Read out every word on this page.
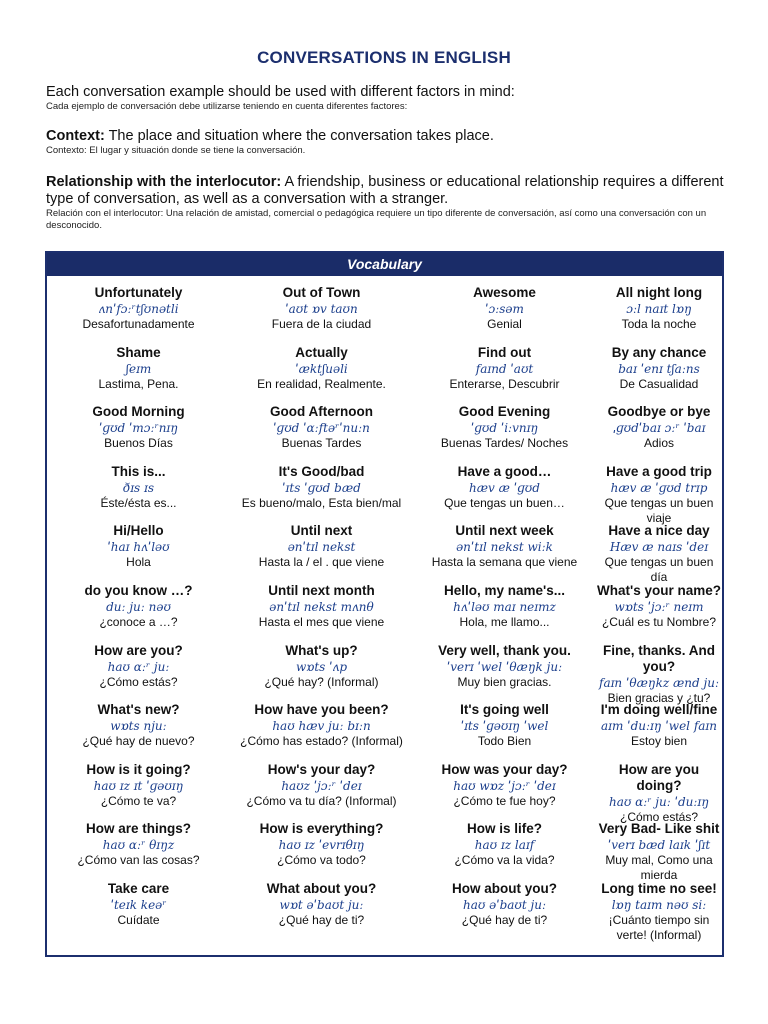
CONVERSATIONS IN ENGLISH
Each conversation example should be used with different factors in mind:
Cada ejemplo de conversación debe utilizarse teniendo en cuenta diferentes factores:
Context: The place and situation where the conversation takes place.
Contexto: El lugar y situación donde se tiene la conversación.
Relationship with the interlocutor: A friendship, business or educational relationship requires a different type of conversation, as well as a conversation with a stranger.
Relación con el interlocutor: Una relación de amistad, comercial o pedagógica requiere un tipo diferente de conversación, así como una conversación con un desconocido.
Vocabulary
Unfortunately
ʌnˈfɔːʳtʃʊnətli
Desafortunadamente
Out of Town
ˈaʊt ɒv taʊn
Fuera de la ciudad
Awesome
ˈɔːsəm
Genial
All night long
ɔːl naɪt lɒŋ
Toda la noche
Shame
ʃeɪm
Lastima, Pena.
Actually
ˈæktʃuəli
En realidad, Realmente.
Find out
faɪnd ˈaʊt
Enterarse, Descubrir
By any chance
baɪ ˈenɪ tʃaːns
De Casualidad
Good Morning
ˈɡʊd ˈmɔːʳnɪŋ
Buenos Días
Good Afternoon
ˈɡʊd ˈɑːftəʳˈnuːn
Buenas Tardes
Good Evening
ˈɡʊd ˈiːvnɪŋ
Buenas Tardes/ Noches
Goodbye or bye
ˌɡʊdˈbaɪ ɔːʳ ˈbaɪ
Adios
This is...
ðɪs ɪs
Éste/ésta es...
It's Good/bad
ˈɪts ˈɡʊd bæd
Es bueno/malo, Esta bien/mal
Have a good…
hæv æ ˈɡʊd
Que tengas un buen…
Have a good trip
hæv æ ˈɡʊd trɪp
Que tengas un buen viaje
Hi/Hello
ˈhaɪ hʌˈləʊ
Hola
Until next
ənˈtɪl nekst
Hasta la / el . que viene
Until next week
ənˈtɪl nekst wiːk
Hasta la semana que viene
Have a nice day
Hæv æ naɪs ˈdeɪ
Que tengas un buen día
do you know …?
duː juː nəʊ
¿conoce a …?
Until next month
ənˈtɪl nekst mʌnθ
Hasta el mes que viene
Hello, my name's...
hʌˈləʊ maɪ neɪmz
Hola, me llamo...
What's your name?
wɒts ˈjɔːʳ neɪm
¿Cuál es tu Nombre?
How are you?
haʊ ɑːʳ juː
¿Cómo estás?
What's up?
wɒts ˈʌp
¿Qué hay? (Informal)
Very well, thank you.
ˈverɪ ˈwel ˈθæŋk juː
Muy bien gracias.
Fine, thanks. And you?
faɪn ˈθæŋkz ænd juː
Bien gracias y ¿tu?
What's new?
wɒts njuː
¿Qué hay de nuevo?
How have you been?
haʊ hæv juː bɪːn
¿Cómo has estado? (Informal)
It's going well
ˈɪts ˈɡəʊɪŋ ˈwel
Todo Bien
I'm doing well/fine
aɪm ˈduːɪŋ ˈwel faɪn
Estoy bien
How is it going?
haʊ ɪz ɪt ˈɡəʊɪŋ
¿Cómo te va?
How's your day?
haʊz ˈjɔːʳ ˈdeɪ
¿Cómo va tu día? (Informal)
How was your day?
haʊ wɒz ˈjɔːʳ ˈdeɪ
¿Cómo te fue hoy?
How are you doing?
haʊ ɑːʳ juː ˈduːɪŋ
¿Cómo estás?
How are things?
haʊ ɑːʳ θɪŋz
¿Cómo van las cosas?
How is everything?
haʊ ɪz ˈevrɪθɪŋ
¿Cómo va todo?
How is life?
haʊ ɪz laɪf
¿Cómo va la vida?
Very Bad- Like shit
ˈverɪ bæd laɪk ˈʃɪt
Muy mal, Como una mierda
Take care
ˈteɪk keəʳ
Cuídate
What about you?
wɒt əˈbaʊt juː
¿Qué hay de ti?
How about you?
haʊ əˈbaʊt juː
¿Qué hay de ti?
Long time no see!
lɒŋ taɪm nəʊ siː
¡Cuánto tiempo sin verte! (Informal)
